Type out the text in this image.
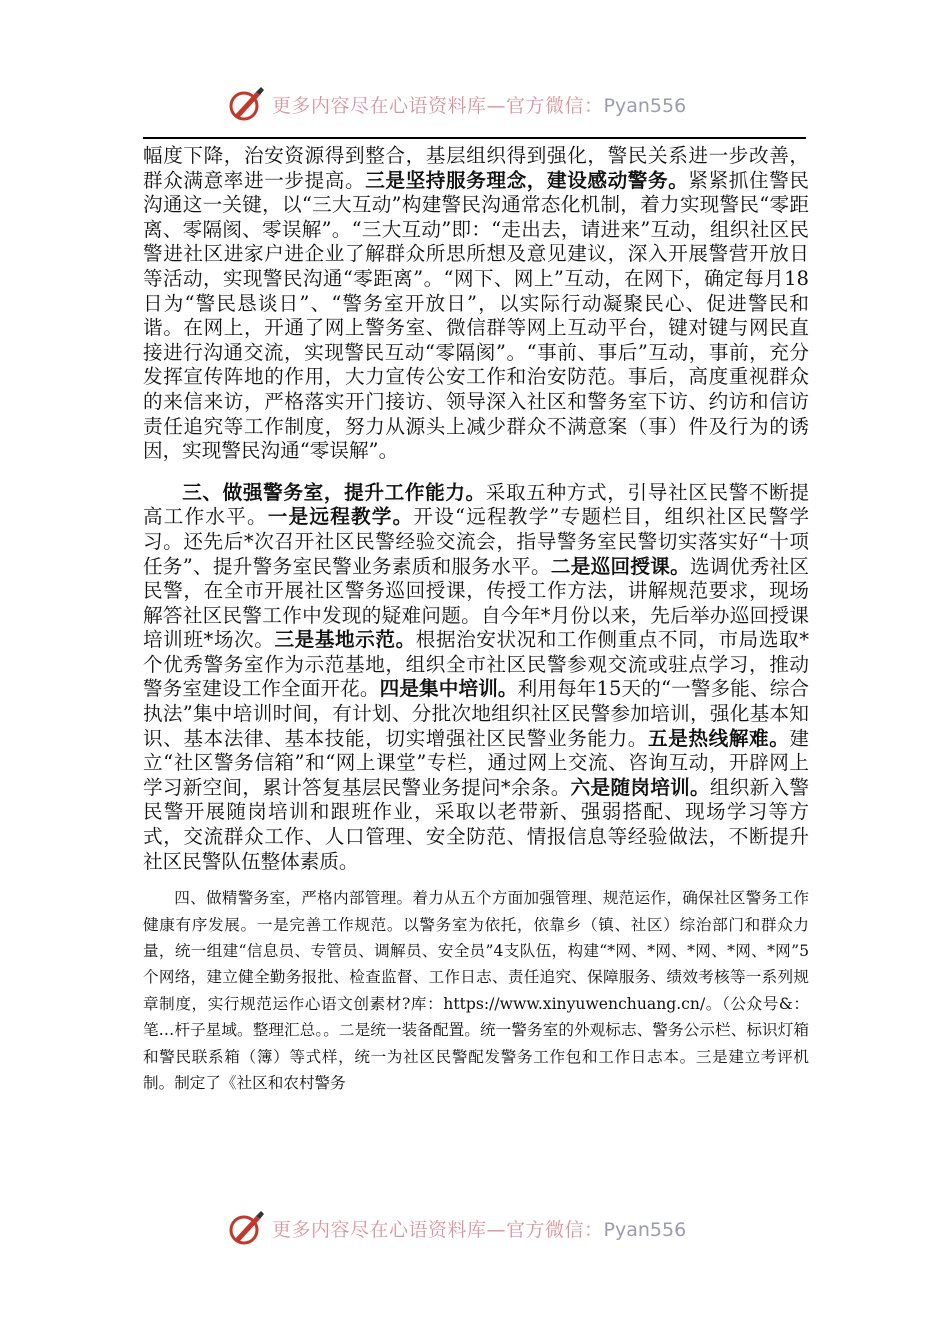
更多内容尽在心语资料库—官方微信：Pyan556

幅度下降，治安资源得到整合，基层组织得到强化，警民关系进一步改善，群众满意率进一步提高。三是坚持服务理念，建设感动警务。紧紧抓住警民沟通这一关键，以“三大互动”构建警民沟通常态化机制，着力实现警民“零距离、零隔阂、零误解”。“三大互动”即：“走出去，请进来”互动，组织社区民警进社区进家户进企业了解群众所思所想及意见建议，深入开展警营开放日等活动，实现警民沟通“零距离”。“网下、网上”互动，在网下，确定每月18日为“警民恳谈日”、“警务室开放日”，以实际行动凝聚民心、促进警民和谐。在网上，开通了网上警务室、微信群等网上互动平台，键对键与网民直接进行沟通交流，实现警民互动“零隔阂”。“事前、事后”互动，事前，充分发挥宣传阵地的作用，大力宣传公安工作和治安防范。事后，高度重视群众的来信来访，严格落实开门接访、领导深入社区和警务室下访、约访和信访责任追究等工作制度，努力从源头上减少群众不满意案（事）件及行为的诱因，实现警民沟通“零误解”。

三、做强警务室，提升工作能力。采取五种方式，引导社区民警不断提高工作水平。一是远程教学。开设“远程教学”专题栏目，组织社区民警学习。还先后*次召开社区民警经验交流会，指导警务室民警切实落实好“十项任务”、提升警务室民警业务素质和服务水平。二是巡回授课。选调优秀社区民警，在全市开展社区警务巡回授课，传授工作方法，讲解规范要求，现场解答社区民警工作中发现的疑难问题。自今年*月份以来，先后举办巡回授课培训班*场次。三是基地示范。根据治安状况和工作侧重点不同，市局选取*个优秀警务室作为示范基地，组织全市社区民警参观交流或驻点学习，推动警务室建设工作全面开花。四是集中培训。利用每年15天的“一警多能、综合执法”集中培训时间，有计划、分批次地组织社区民警参加培训，强化基本知识、基本法律、基本技能，切实增强社区民警业务能力。五是热线解难。建立“社区警务信箱”和“网上课堂”专栏，通过网上交流、咨询互动，开辟网上学习新空间，累计答复基层民警业务提问*余条。六是随岗培训。组织新入警民警开展随岗培训和跟班作业，采取以老带新、强弱搭配、现场学习等方式，交流群众工作、人口管理、安全防范、情报信息等经验做法，不断提升社区民警队伍整体素质。

四、做精警务室，严格内部管理。着力从五个方面加强管理、规范运作，确保社区警务工作健康有序发展。一是完善工作规范。以警务室为依托，依靠乡（镇、社区）综治部门和群众力量，统一组建“信息员、专管员、调解员、安全员”4支队伍，构建“*网、*网、*网、*网、*网”5个网络，建立健全勤务报批、检查监督、工作日志、责任追究、保障服务、绩效考核等一系列规章制度，实行规范运作心语文创素材?库：https://www.xinyuwenchuang.cn/。（公众号&：笔…杆子星域。整理汇总。。二是统一装备配置。统一警务室的外观标志、警务公示栏、标识灯箱和警民联系箱（簿）等式样，统一为社区民警配发警务工作包和工作日志本。三是建立考评机制。制定了《社区和农村警务

更多内容尽在心语资料库—官方微信：Pyan556
